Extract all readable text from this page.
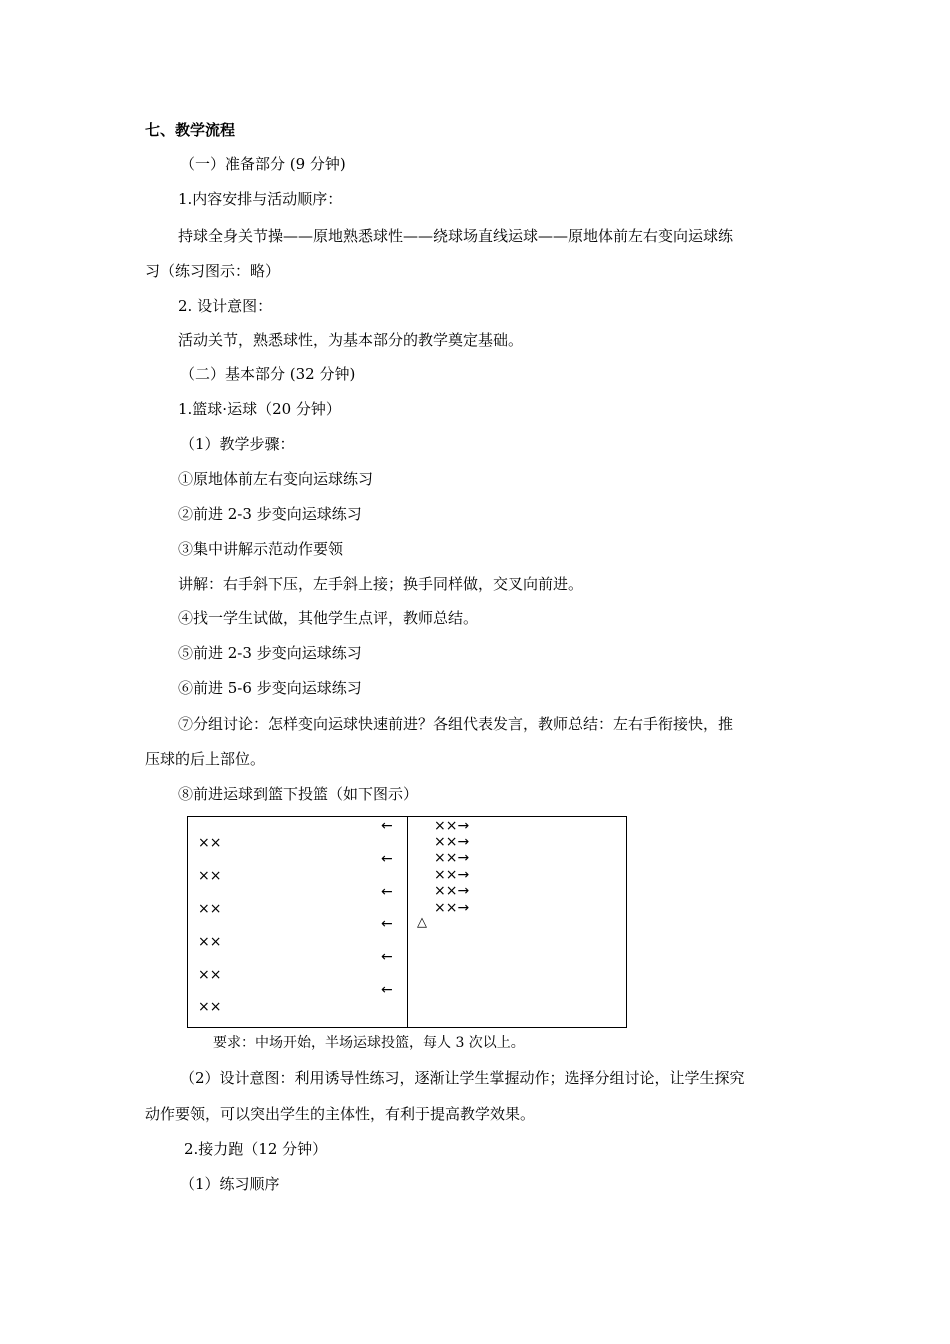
七、教学流程
（一）准备部分 (9 分钟)
1.内容安排与活动顺序：
持球全身关节操——原地熟悉球性——绕球场直线运球——原地体前左右变向运球练
习（练习图示：略）
2. 设计意图：
活动关节，熟悉球性，为基本部分的教学奠定基础。
（二）基本部分 (32 分钟)
1.篮球·运球（20 分钟）
（1）教学步骤：
①原地体前左右变向运球练习
②前进 2-3 步变向运球练习
③集中讲解示范动作要领
讲解：右手斜下压，左手斜上接；换手同样做，交叉向前进。
④找一学生试做，其他学生点评，教师总结。
⑤前进 2-3 步变向运球练习
⑥前进 5-6 步变向运球练习
⑦分组讨论：怎样变向运球快速前进？各组代表发言，教师总结：左右手衔接快，推
压球的后上部位。
⑧前进运球到篮下投篮（如下图示）
××
××
××
××
××
××
←
←
←
←
←
←
××→
××→
××→
××→
××→
××→
△
要求：中场开始，半场运球投篮，每人 3 次以上。
（2）设计意图：利用诱导性练习，逐渐让学生掌握动作；选择分组讨论，让学生探究
动作要领，可以突出学生的主体性，有利于提高教学效果。
2.接力跑（12 分钟）
（1）练习顺序
